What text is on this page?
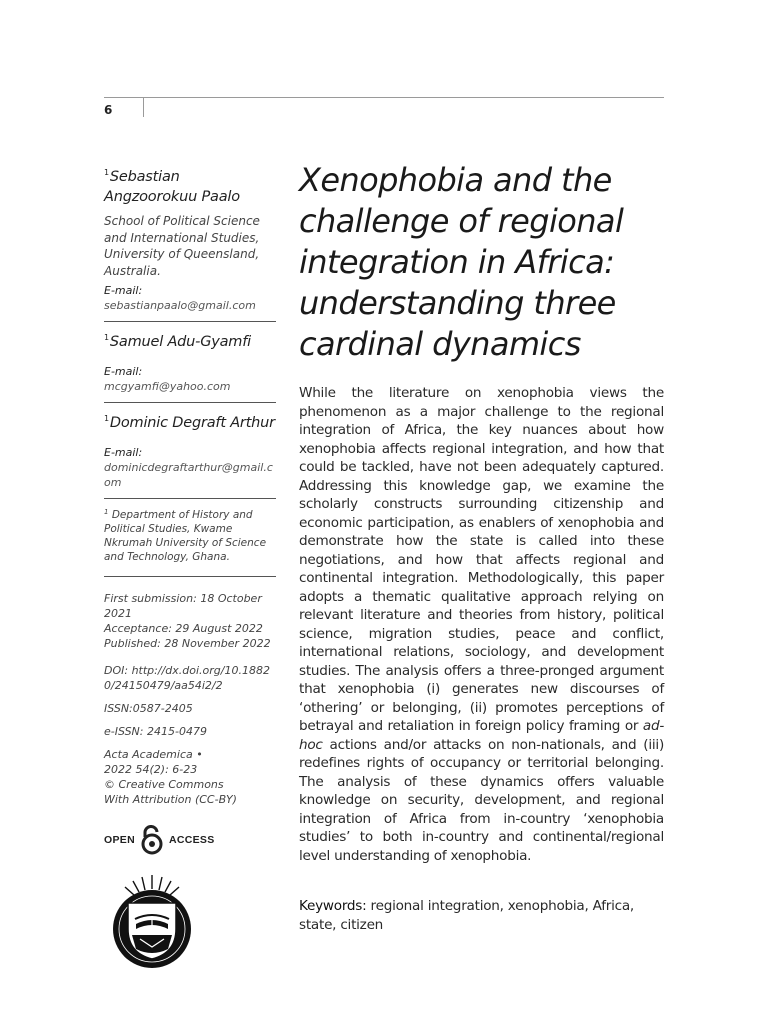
6
$^1$Sebastian Angzoorokuu Paalo
School of Political Science and International Studies, University of Queensland, Australia.
E-mail:
sebastianpaalo@gmail.com
$^1$Samuel Adu-Gyamfi
E-mail:
mcgyamfi@yahoo.com
$^1$Dominic Degraft Arthur
E-mail:
dominicdegraftarthur@gmail.com
$^1$ Department of History and Political Studies, Kwame Nkrumah University of Science and Technology, Ghana.
First submission: 18 October 2021
Acceptance: 29 August 2022
Published: 28 November 2022
DOI: http://dx.doi.org/10.18820/24150479/aa54i2/2
ISSN:0587-2405
e-ISSN: 2415-0479
Acta Academica •
2022 54(2): 6-23
© Creative Commons
With Attribution (CC-BY)
OPEN	ACCESS
Xenophobia and the challenge of regional integration in Africa: understanding three cardinal dynamics

While the literature on xenophobia views the phenomenon as a major challenge to the regional integration of Africa, the key nuances about how xenophobia affects regional integration, and how that could be tackled, have not been adequately captured. Addressing this knowledge gap, we examine the scholarly constructs surrounding citizenship and economic participation, as enablers of xenophobia and demonstrate how the state is called into these negotiations, and how that affects regional and continental integration. Methodologically, this paper adopts a thematic qualitative approach relying on relevant literature and theories from history, political science, migration studies, peace and conflict, international relations, sociology, and development studies. The analysis offers a three-pronged argument that xenophobia (i) generates new discourses of ‘othering’ or belonging, (ii) promotes perceptions of betrayal and retaliation in foreign policy framing or ad-hoc actions and/or attacks on non-nationals, and (iii) redefines rights of occupancy or territorial belonging. The analysis of these dynamics offers valuable knowledge on security, development, and regional integration of Africa from in-country ‘xenophobia studies’ to both in-country and continental/regional level understanding of xenophobia.

Keywords: regional integration, xenophobia, Africa, state, citizen
